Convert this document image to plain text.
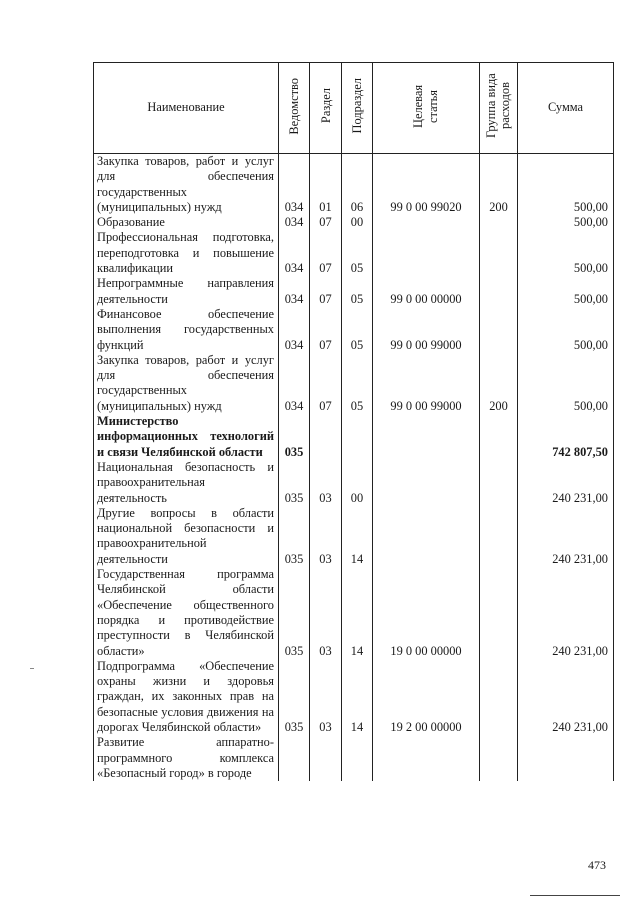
Наименование	Ведомство	Раздел	Подраздел	Целевая статья	Группа вида расходов	Сумма
Закупка товаров, работ и услуг для обеспечения государственных (муниципальных) нужд	034	01	06	99 0 00 99020	200	500,00
Образование	034	07	00			500,00
Профессиональная подготовка, переподготовка и повышение квалификации	034	07	05			500,00
Непрограммные направления деятельности	034	07	05	99 0 00 00000		500,00
Финансовое обеспечение выполнения государственных функций	034	07	05	99 0 00 99000		500,00
Закупка товаров, работ и услуг для обеспечения государственных (муниципальных) нужд	034	07	05	99 0 00 99000	200	500,00
Министерство информационных технологий и связи Челябинской области	035					742 807,50
Национальная безопасность и правоохранительная деятельность	035	03	00			240 231,00
Другие вопросы в области национальной безопасности и правоохранительной деятельности	035	03	14			240 231,00
Государственная программа Челябинской области «Обеспечение общественного порядка и противодействие преступности в Челябинской области»	035	03	14	19 0 00 00000		240 231,00
Подпрограмма «Обеспечение охраны жизни и здоровья граждан, их законных прав на безопасные условия движения на дорогах Челябинской области»	035	03	14	19 2 00 00000		240 231,00
Развитие аппаратно-программного комплекса «Безопасный город» в городе						
473
